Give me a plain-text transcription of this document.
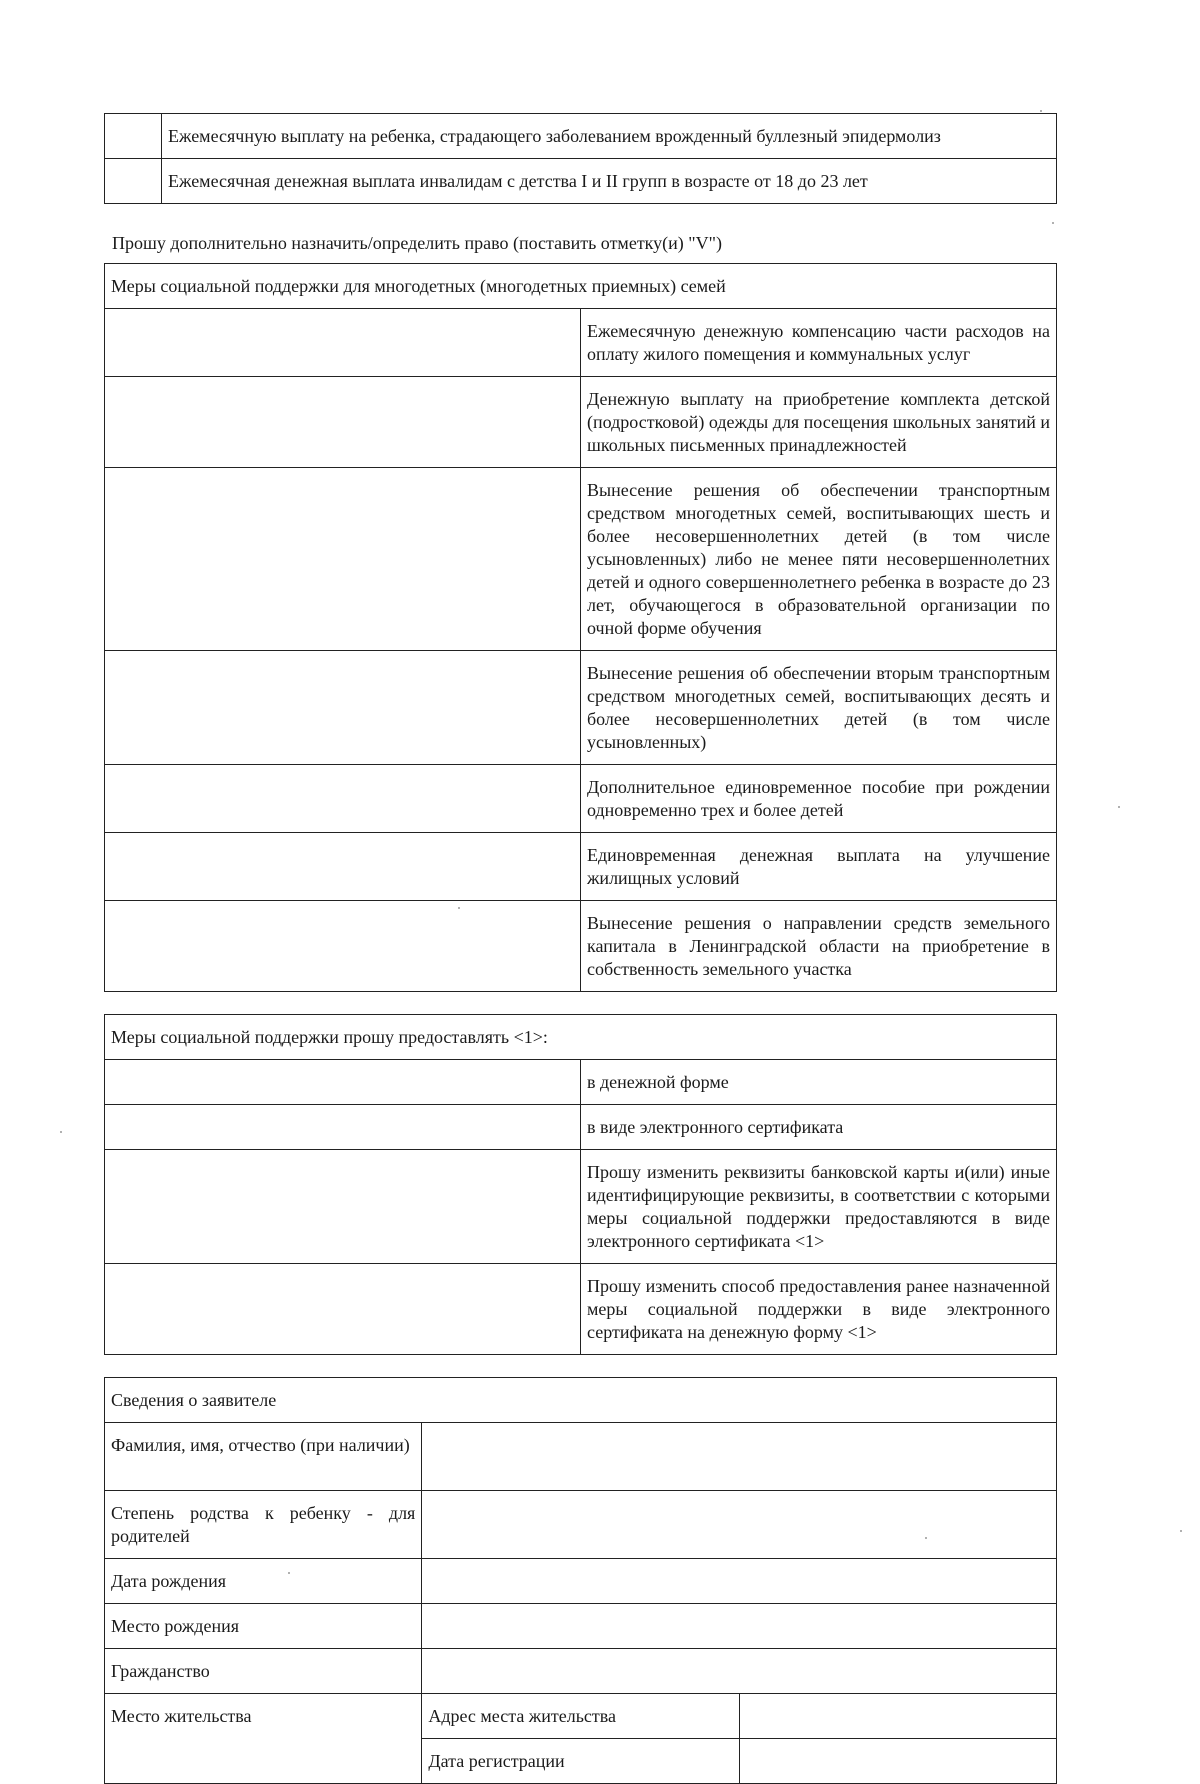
	Ежемесячную выплату на ребенка, страдающего заболеванием врожденный буллезный эпидермолиз
	Ежемесячная денежная выплата инвалидам с детства I и II групп в возрасте от 18 до 23 лет
Прошу дополнительно назначить/определить право (поставить отметку(и) "V")
Меры социальной поддержки для многодетных (многодетных приемных) семей	
	Ежемесячную денежную компенсацию части расходов на оплату жилого помещения и коммунальных услуг
	Денежную выплату на приобретение комплекта детской (подростковой) одежды для посещения школьных занятий и школьных письменных принадлежностей
	Вынесение решения об обеспечении транспортным средством многодетных семей, воспитывающих шесть и более несовершеннолетних детей (в том числе усыновленных) либо не менее пяти несовершеннолетних детей и одного совершеннолетнего ребенка в возрасте до 23 лет, обучающегося в образовательной организации по очной форме обучения
	Вынесение решения об обеспечении вторым транспортным средством многодетных семей, воспитывающих десять и более несовершеннолетних детей (в том числе усыновленных)
	Дополнительное единовременное пособие при рождении одновременно трех и более детей
	Единовременная денежная выплата на улучшение жилищных условий
	Вынесение решения о направлении средств земельного капитала в Ленинградской области на приобретение в собственность земельного участка
Меры социальной поддержки прошу предоставлять <1>:	
	в денежной форме
	в виде электронного сертификата
	Прошу изменить реквизиты банковской карты и(или) иные идентифицирующие реквизиты, в соответствии с которыми меры социальной поддержки предоставляются в виде электронного сертификата <1>
	Прошу изменить способ предоставления ранее назначенной меры социальной поддержки в виде электронного сертификата на денежную форму <1>
Сведения о заявителе		
Фамилия, имя, отчество (при наличии)		
Степень родства к ребенку - для родителей		
Дата рождения		
Место рождения		
Гражданство		
Место жительства	Адрес места жительства	
	Дата регистрации	
